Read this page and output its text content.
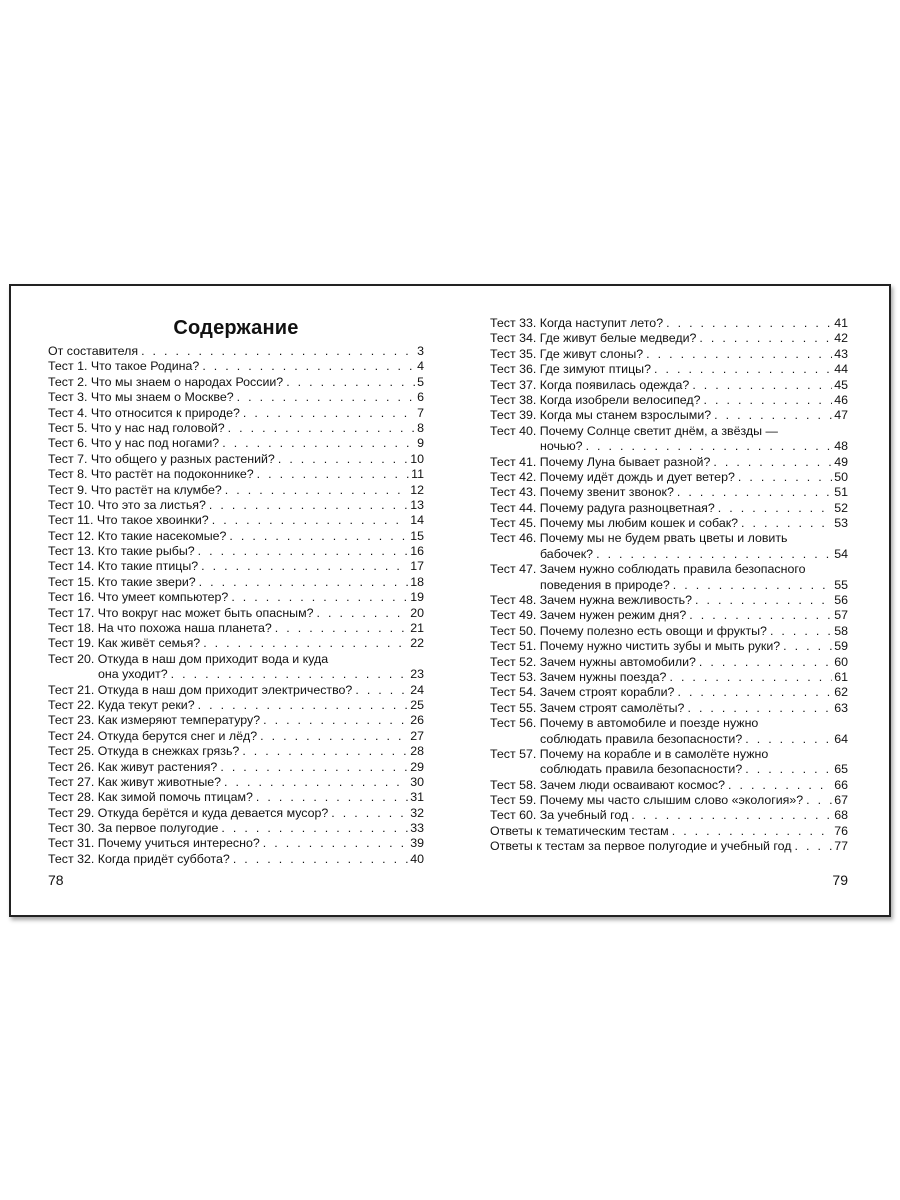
Содержание
От составителя . . .	3
Тест 1. Что такое Родина? . . .	4
Тест 2. Что мы знаем о народах России? . . .	5
Тест 3. Что мы знаем о Москве? . . .	6
Тест 4. Что относится к природе? . . .	7
Тест 5. Что у нас над головой? . . .	8
Тест 6. Что у нас под ногами? . . .	9
Тест 7. Что общего у разных растений? . . .	10
Тест 8. Что растёт на подоконнике? . . .	11
Тест 9. Что растёт на клумбе? . . .	12
Тест 10. Что это за листья? . . .	13
Тест 11. Что такое хвоинки? . . .	14
Тест 12. Кто такие насекомые? . . .	15
Тест 13. Кто такие рыбы? . . .	16
Тест 14. Кто такие птицы? . . .	17
Тест 15. Кто такие звери? . . .	18
Тест 16. Что умеет компьютер? . . .	19
Тест 17. Что вокруг нас может быть опасным? . . .	20
Тест 18. На что похожа наша планета? . . .	21
Тест 19. Как живёт семья? . . .	22
Тест 20. Откуда в наш дом приходит вода и куда
она уходит? . . .	23
Тест 21. Откуда в наш дом приходит электричество? . . .	24
Тест 22. Куда текут реки? . . .	25
Тест 23. Как измеряют температуру? . . .	26
Тест 24. Откуда берутся снег и лёд? . . .	27
Тест 25. Откуда в снежках грязь? . . .	28
Тест 26. Как живут растения? . . .	29
Тест 27. Как живут животные? . . .	30
Тест 28. Как зимой помочь птицам? . . .	31
Тест 29. Откуда берётся и куда девается мусор? . . .	32
Тест 30. За первое полугодие . . .	33
Тест 31. Почему учиться интересно? . . .	39
Тест 32. Когда придёт суббота? . . .	40
78
Тест 33. Когда наступит лето? . . .	41
Тест 34. Где живут белые медведи? . . .	42
Тест 35. Где живут слоны? . . .	43
Тест 36. Где зимуют птицы? . . .	44
Тест 37. Когда появилась одежда? . . .	45
Тест 38. Когда изобрели велосипед? . . .	46
Тест 39. Когда мы станем взрослыми? . . .	47
Тест 40. Почему Солнце светит днём, а звёзды —
ночью? . . .	48
Тест 41. Почему Луна бывает разной? . . .	49
Тест 42. Почему идёт дождь и дует ветер? . . .	50
Тест 43. Почему звенит звонок? . . .	51
Тест 44. Почему радуга разноцветная? . . .	52
Тест 45. Почему мы любим кошек и собак? . . .	53
Тест 46. Почему мы не будем рвать цветы и ловить
бабочек? . . .	54
Тест 47. Зачем нужно соблюдать правила безопасного
поведения в природе? . . .	55
Тест 48. Зачем нужна вежливость? . . .	56
Тест 49. Зачем нужен режим дня? . . .	57
Тест 50. Почему полезно есть овощи и фрукты? . . .	58
Тест 51. Почему нужно чистить зубы и мыть руки? . . .	59
Тест 52. Зачем нужны автомобили? . . .	60
Тест 53. Зачем нужны поезда? . . .	61
Тест 54. Зачем строят корабли? . . .	62
Тест 55. Зачем строят самолёты? . . .	63
Тест 56. Почему в автомобиле и поезде нужно
соблюдать правила безопасности? . . .	64
Тест 57. Почему на корабле и в самолёте нужно
соблюдать правила безопасности? . . .	65
Тест 58. Зачем люди осваивают космос? . . .	66
Тест 59. Почему мы часто слышим слово «экология»? . . .	67
Тест 60. За учебный год . . .	68
Ответы к тематическим тестам . . .	76
Ответы к тестам за первое полугодие и учебный год . . .	77
79
